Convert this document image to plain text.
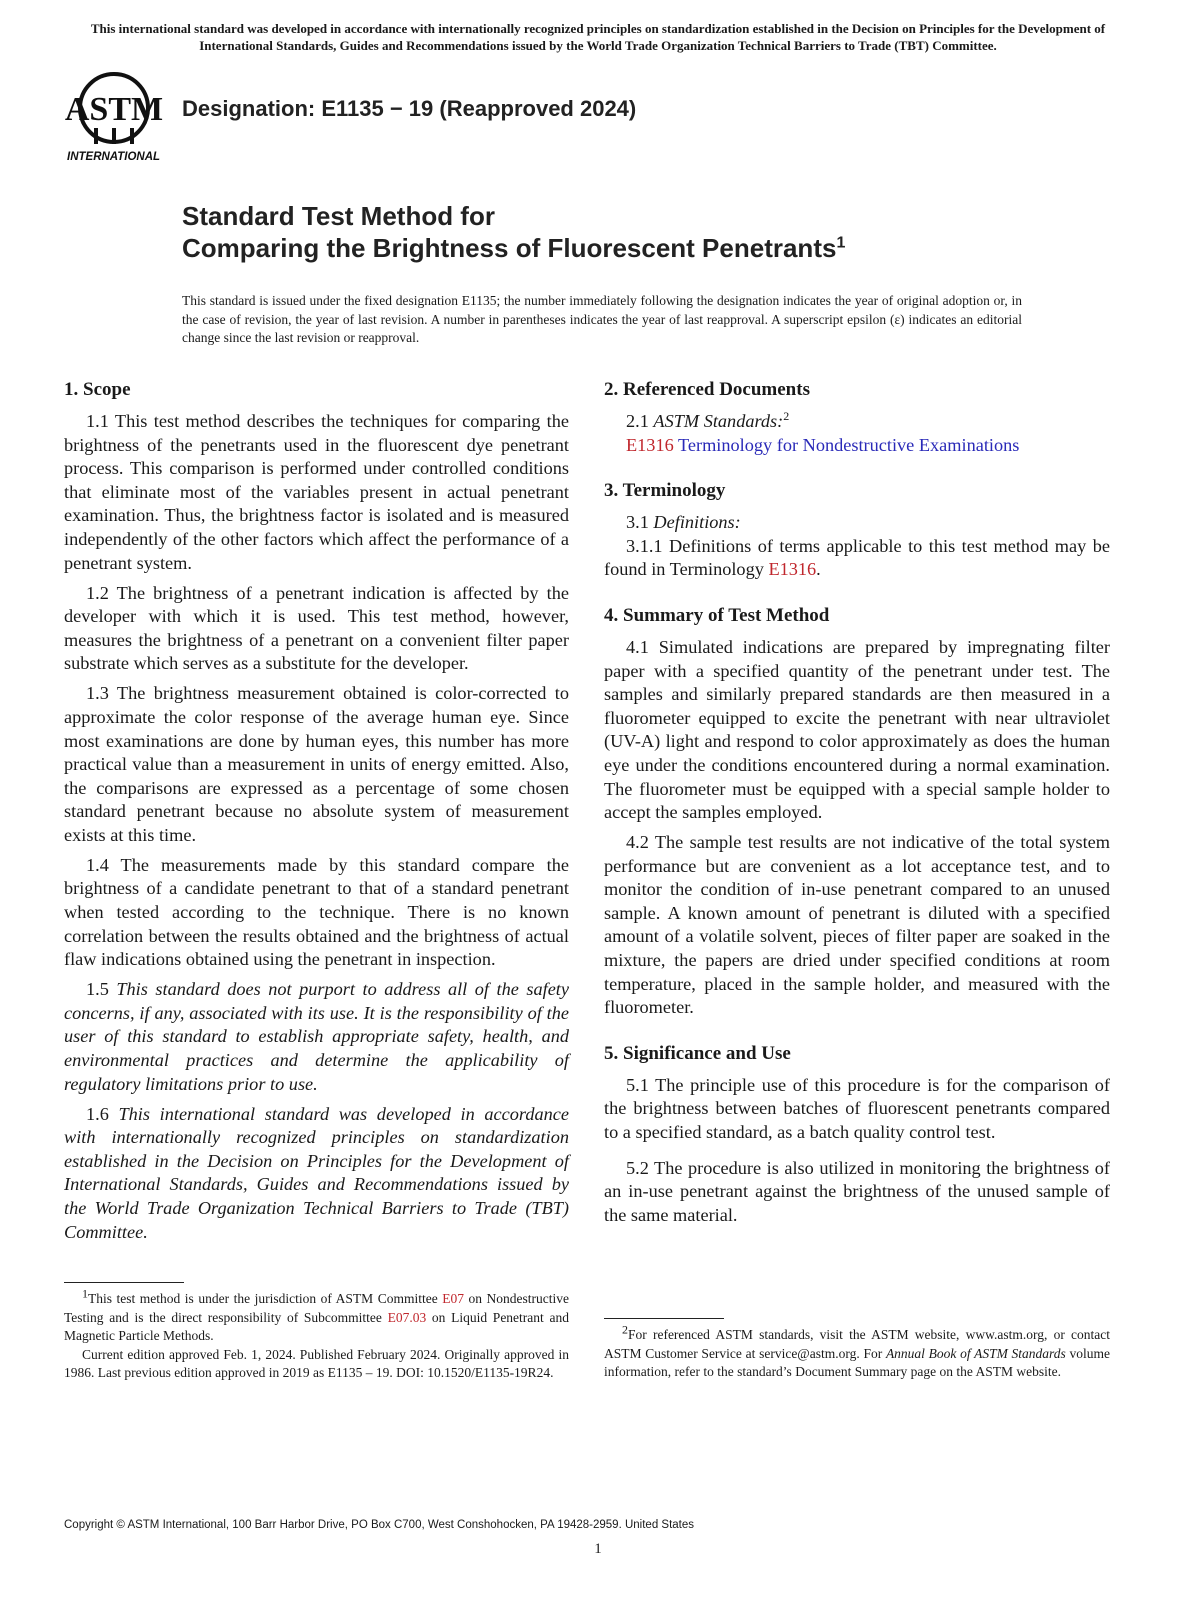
This international standard was developed in accordance with internationally recognized principles on standardization established in the Decision on Principles for the Development of International Standards, Guides and Recommendations issued by the World Trade Organization Technical Barriers to Trade (TBT) Committee.
ASTM
INTERNATIONAL
Designation: E1135 − 19 (Reapproved 2024)
Standard Test Method for
Comparing the Brightness of Fluorescent Penetrants$^1$
This standard is issued under the fixed designation E1135; the number immediately following the designation indicates the year of original adoption or, in the case of revision, the year of last revision. A number in parentheses indicates the year of last reapproval. A superscript epsilon (ε) indicates an editorial change since the last revision or reapproval.
1. Scope

1.1 This test method describes the techniques for comparing the brightness of the penetrants used in the fluorescent dye penetrant process. This comparison is performed under controlled conditions that eliminate most of the variables present in actual penetrant examination. Thus, the brightness factor is isolated and is measured independently of the other factors which affect the performance of a penetrant system.

1.2 The brightness of a penetrant indication is affected by the developer with which it is used. This test method, however, measures the brightness of a penetrant on a convenient filter paper substrate which serves as a substitute for the developer.

1.3 The brightness measurement obtained is color-corrected to approximate the color response of the average human eye. Since most examinations are done by human eyes, this number has more practical value than a measurement in units of energy emitted. Also, the comparisons are expressed as a percentage of some chosen standard penetrant because no absolute system of measurement exists at this time.

1.4 The measurements made by this standard compare the brightness of a candidate penetrant to that of a standard penetrant when tested according to the technique. There is no known correlation between the results obtained and the brightness of actual flaw indications obtained using the penetrant in inspection.

1.5 This standard does not purport to address all of the safety concerns, if any, associated with its use. It is the responsibility of the user of this standard to establish appropriate safety, health, and environmental practices and determine the applicability of regulatory limitations prior to use.

1.6 This international standard was developed in accordance with internationally recognized principles on standardization established in the Decision on Principles for the Development of International Standards, Guides and Recommendations issued by the World Trade Organization Technical Barriers to Trade (TBT) Committee.

$^1$This test method is under the jurisdiction of ASTM Committee E07 on Nondestructive Testing and is the direct responsibility of Subcommittee E07.03 on Liquid Penetrant and Magnetic Particle Methods.

Current edition approved Feb. 1, 2024. Published February 2024. Originally approved in 1986. Last previous edition approved in 2019 as E1135 – 19. DOI: 10.1520/E1135-19R24.

2. Referenced Documents

2.1 ASTM Standards:$^2$

E1316 Terminology for Nondestructive Examinations

3. Terminology

3.1 Definitions:

3.1.1 Definitions of terms applicable to this test method may be found in Terminology E1316.

4. Summary of Test Method

4.1 Simulated indications are prepared by impregnating filter paper with a specified quantity of the penetrant under test. The samples and similarly prepared standards are then measured in a fluorometer equipped to excite the penetrant with near ultraviolet (UV-A) light and respond to color approximately as does the human eye under the conditions encountered during a normal examination. The fluorometer must be equipped with a special sample holder to accept the samples employed.

4.2 The sample test results are not indicative of the total system performance but are convenient as a lot acceptance test, and to monitor the condition of in-use penetrant compared to an unused sample. A known amount of penetrant is diluted with a specified amount of a volatile solvent, pieces of filter paper are soaked in the mixture, the papers are dried under specified conditions at room temperature, placed in the sample holder, and measured with the fluorometer.

5. Significance and Use

5.1 The principle use of this procedure is for the comparison of the brightness between batches of fluorescent penetrants compared to a specified standard, as a batch quality control test.

5.2 The procedure is also utilized in monitoring the brightness of an in-use penetrant against the brightness of the unused sample of the same material.

$^2$For referenced ASTM standards, visit the ASTM website, www.astm.org, or contact ASTM Customer Service at service@astm.org. For Annual Book of ASTM Standards volume information, refer to the standard’s Document Summary page on the ASTM website.

Copyright © ASTM International, 100 Barr Harbor Drive, PO Box C700, West Conshohocken, PA 19428-2959. United States
1
